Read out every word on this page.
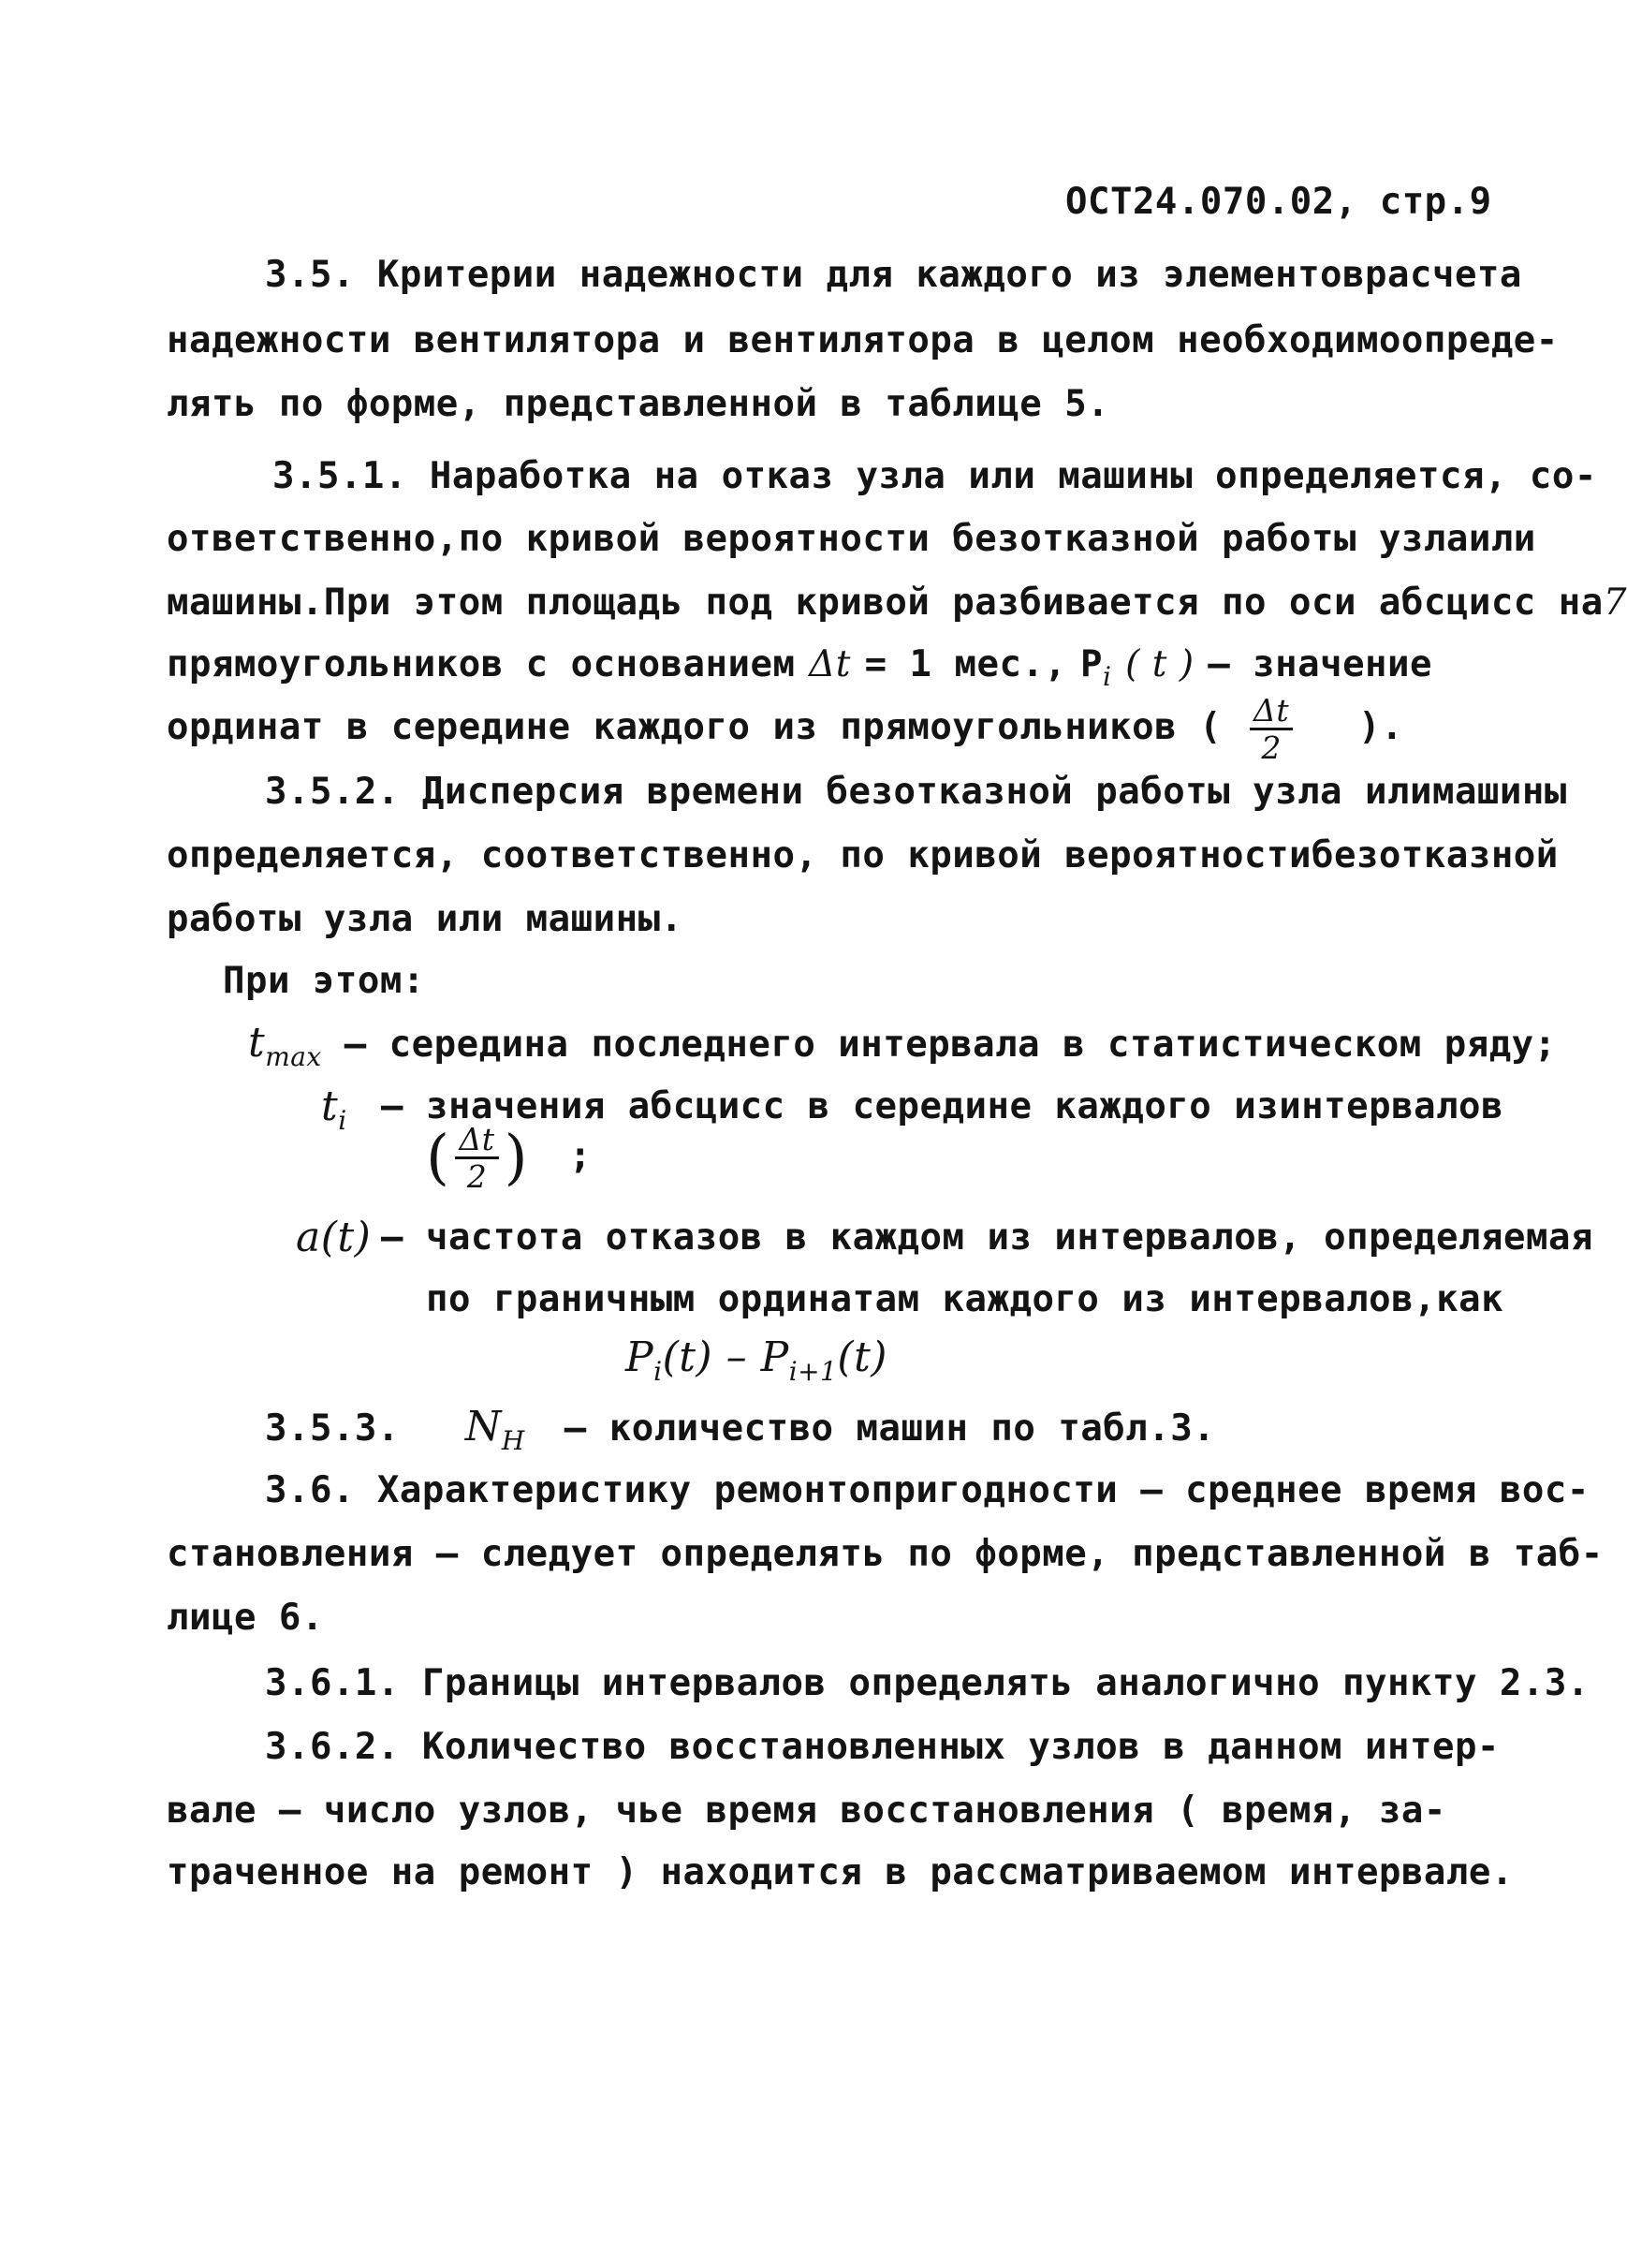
ОСТ24.070.02, стр.9
3.5. Критерии надежности для каждого из элементов расчета
надежности вентилятора и вентилятора в целом необходимо опреде-
лять по форме, представленной в таблице 5.
3.5.1. Наработка на отказ узла или машины определяется, со-
ответственно,по кривой вероятности безотказной работы узла или
машины.При этом площадь под кривой разбивается по оси абсцисс на7
прямоугольников с основанием Δt = 1 мес., $P_i$ ( t ) – значение
ординат в середине каждого из прямоугольников ( $\frac{\Delta t}{2}$ ).
3.5.2. Дисперсия времени безотказной работы узла или машины
определяется, соответственно, по кривой вероятности безотказной
работы узла или машины.
При этом:
$t_{max}$ – середина последнего интервала в статистическом ряду;
$t_i$ – значения абсцисс в середине каждого из интервалов
( $\frac{\Delta t}{2}$ ) ;
a(t) – частота отказов в каждом из интервалов, определяемая
по граничным ординатам каждого из интервалов, как
$P_i(t) - P_{i+1}(t)$
3.5.3. $N_H$ – количество машин по табл.3.
3.6. Характеристику ремонтопригодности – среднее время вос-
становления – следует определять по форме, представленной в таб-
лице 6.
3.6.1. Границы интервалов определять аналогично пункту 2.3.
3.6.2. Количество восстановленных узлов в данном интер-
вале – число узлов, чье время восстановления ( время, за-
траченное на ремонт ) находится в рассматриваемом интервале.
